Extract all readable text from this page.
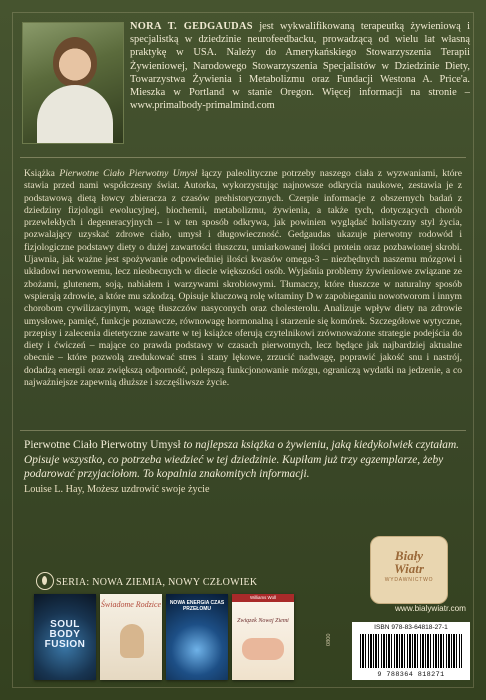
NORA T. GEDGAUDAS jest wykwalifikowaną terapeutką żywieniową i specjalistką w dziedzinie neurofeedbacku, prowadzącą od wielu lat własną praktykę w USA. Należy do Amerykańskiego Stowarzyszenia Terapii Żywieniowej, Narodowego Stowarzyszenia Specjalistów w Dziedzinie Diety, Towarzystwa Żywienia i Metabolizmu oraz Fundacji Westona A. Price'a. Mieszka w Portland w stanie Oregon. Więcej informacji na stronie – www.primalbody-primalmind.com
Książka Pierwotne Ciało Pierwotny Umysł łączy paleolityczne potrzeby naszego ciała z wyzwaniami, które stawia przed nami współczesny świat. Autorka, wykorzystując najnowsze odkrycia naukowe, zestawia je z podstawową dietą łowcy zbieracza z czasów prehistorycznych. Czerpie informacje z obszernych badań z dziedziny fizjologii ewolucyjnej, biochemii, metabolizmu, żywienia, a także tych, dotyczących chorób przewlekłych i degeneracyjnych – i w ten sposób odkrywa, jak powinien wyglądać holistyczny styl życia, pozwalający uzyskać zdrowe ciało, umysł i długowieczność. Gedgaudas ukazuje pierwotny rodowód i fizjologiczne podstawy diety o dużej zawartości tłuszczu, umiarkowanej ilości protein oraz pozbawionej skrobi. Ujawnia, jak ważne jest spożywanie odpowiedniej ilości kwasów omega-3 – niezbędnych naszemu mózgowi i układowi nerwowemu, lecz nieobecnych w diecie większości osób. Wyjaśnia problemy żywieniowe związane ze zbożami, glutenem, soją, nabiałem i warzywami skrobiowymi. Tłumaczy, które tłuszcze w naturalny sposób wspierają zdrowie, a które mu szkodzą. Opisuje kluczową rolę witaminy D w zapobieganiu nowotworom i innym chorobom cywilizacyjnym, wagę tłuszczów nasyconych oraz cholesterolu. Analizuje wpływ diety na zdrowie umysłowe, pamięć, funkcje poznawcze, równowagę hormonalną i starzenie się komórek. Szczegółowe wytyczne, przepisy i zalecenia dietetyczne zawarte w tej książce oferują czytelnikowi zrównoważone strategie podejścia do diety i ćwiczeń – mające co prawda podstawy w czasach pierwotnych, lecz będące jak najbardziej aktualne obecnie – które pozwolą zredukować stres i stany lękowe, zrzucić nadwagę, poprawić jakość snu i nastrój, dodadzą energii oraz zwiększą odporność, polepszą funkcjonowanie mózgu, ograniczą wydatki na jedzenie, a co najważniejsze zapewnią dłuższe i szczęśliwsze życie.
Pierwotne Ciało Pierwotny Umysł to najlepsza książka o żywieniu, jaką kiedykolwiek czytałam. Opisuje wszystko, co potrzeba wiedzieć w tej dziedzinie. Kupiłam już trzy egzemplarze, żeby podarować przyjaciołom. To kopalnia znakomitych informacji.
Louise L. Hay, Możesz uzdrowić swoje życie
SERIA: NOWA ZIEMIA, NOWY CZŁOWIEK
SOUL BODY FUSION
Świadome Rodzice	NOWA ENERGIA CZAS PRZEŁOMU
Williams Woll
Związek Nowej Ziemi
Biały
Wiatr
WYDAWNICTWO
www.bialywiatr.com
ISBN 978-83-64818-27-1
9 788364 818271
0800
